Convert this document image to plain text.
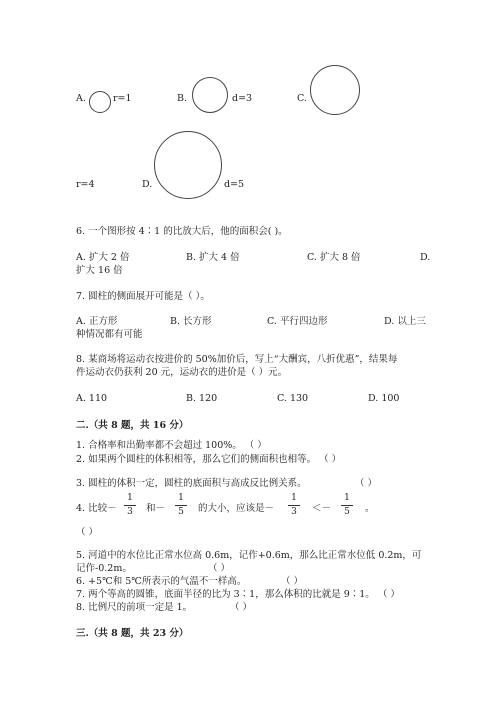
A.	r=1	B.	d=3	C.
r=4	D.	d=5
6. 一个图形按 4∶1 的比放大后，他的面积会( )。
A. 扩大 2 倍	B. 扩大 4 倍	C. 扩大 8 倍	D.
扩大 16 倍
7. 圆柱的侧面展开可能是（ ）。
A. 正方形	B. 长方形	C. 平行四边形	D. 以上三
种情况都有可能
8. 某商场将运动衣按进价的 50%加价后，写上“大酬宾，八折优惠”，结果每
件运动衣仍获利 20 元，运动衣的进价是（ ）元。
A. 110	B. 120	C. 130	D. 100
二.（共 8 题，共 16 分）
1. 合格率和出勤率都不会超过 100%。 （ ）
2. 如果两个圆柱的体积相等，那么它们的侧面积也相等。 （ ）
3. 圆柱的体积一定，圆柱的底面积与高成反比例关系。	（ ）
4. 比较－
1
3	和－
1
5	的大小，应该是－
1
3	＜－
1
5	。
（ ）
5. 河道中的水位比正常水位高 0.6m，记作+0.6m，那么比正常水位低 0.2m，可
记作-0.2m。	（ ）
6. +5℃和 5℃所表示的气温不一样高。	（ ）
7. 两个等高的圆锥，底面半径的比为 3∶1，那么体积的比就是 9∶1。 （ ）
8. 比例尺的前项一定是 1。	（ ）
三.（共 8 题，共 23 分）
